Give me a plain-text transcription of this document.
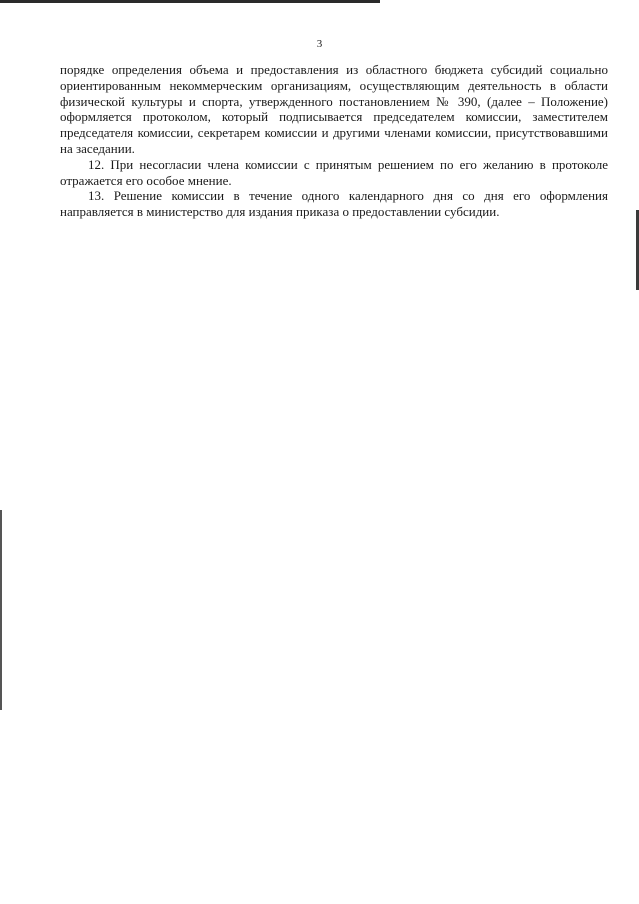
3

порядке определения объема и предоставления из областного бюджета субсидий социально ориентированным некоммерческим организациям, осуществляющим деятельность в области физической культуры и спорта, утвержденного постановлением № 390, (далее – Положение) оформляется протоколом, который подписывается председателем комиссии, заместителем председателя комиссии, секретарем комиссии и другими членами комиссии, присутствовавшими на заседании.

12. При несогласии члена комиссии с принятым решением по его желанию в протоколе отражается его особое мнение.

13. Решение комиссии в течение одного календарного дня со дня его оформления направляется в министерство для издания приказа о предоставлении субсидии.
